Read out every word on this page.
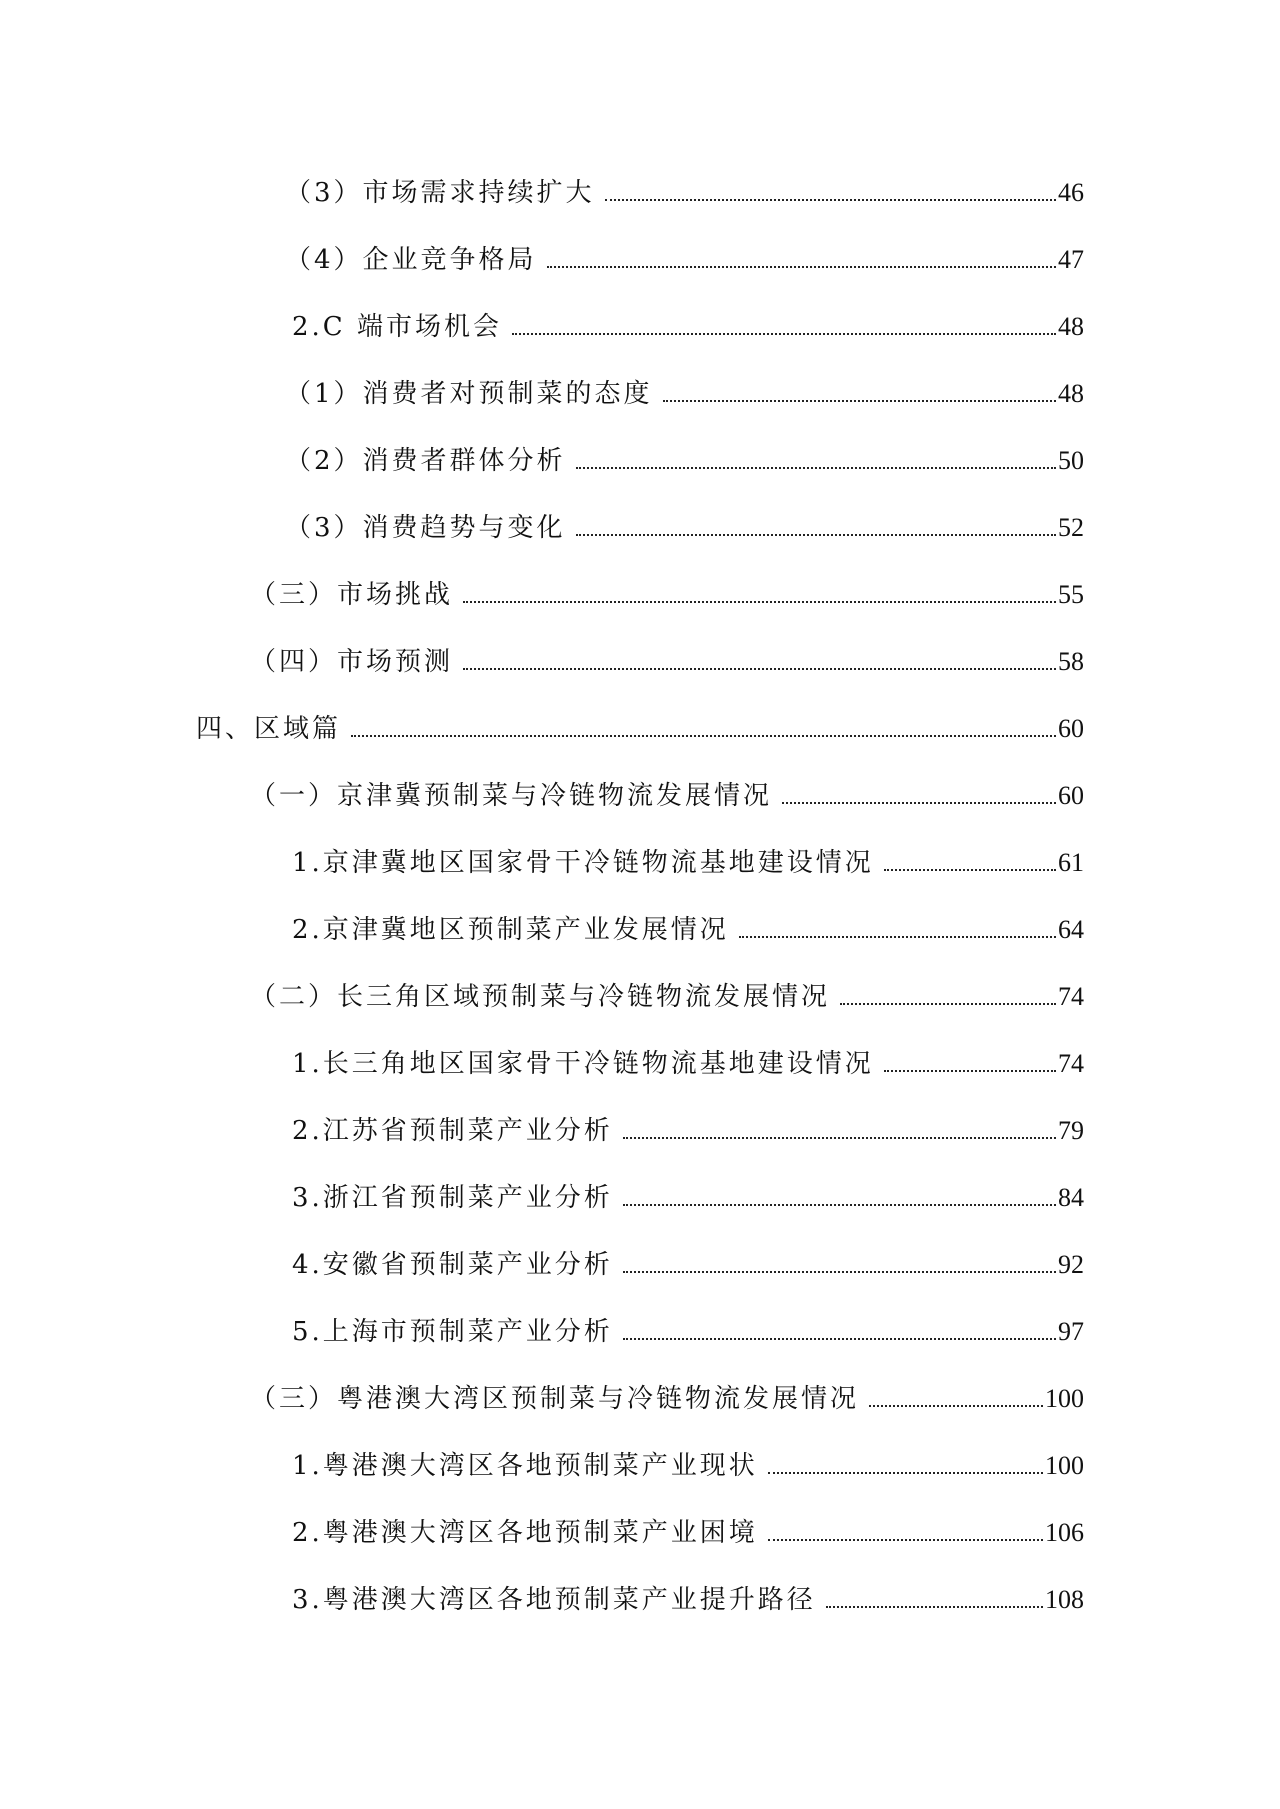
（3）市场需求持续扩大	46
（4）企业竞争格局	47
2.C 端市场机会	48
（1）消费者对预制菜的态度	48
（2）消费者群体分析	50
（3）消费趋势与变化	52
（三）市场挑战	55
（四）市场预测	58
四、区域篇	60
（一）京津冀预制菜与冷链物流发展情况	60
1.京津冀地区国家骨干冷链物流基地建设情况	61
2.京津冀地区预制菜产业发展情况	64
（二）长三角区域预制菜与冷链物流发展情况	74
1.长三角地区国家骨干冷链物流基地建设情况	74
2.江苏省预制菜产业分析	79
3.浙江省预制菜产业分析	84
4.安徽省预制菜产业分析	92
5.上海市预制菜产业分析	97
（三）粤港澳大湾区预制菜与冷链物流发展情况	100
1.粤港澳大湾区各地预制菜产业现状	100
2.粤港澳大湾区各地预制菜产业困境	106
3.粤港澳大湾区各地预制菜产业提升路径	108
